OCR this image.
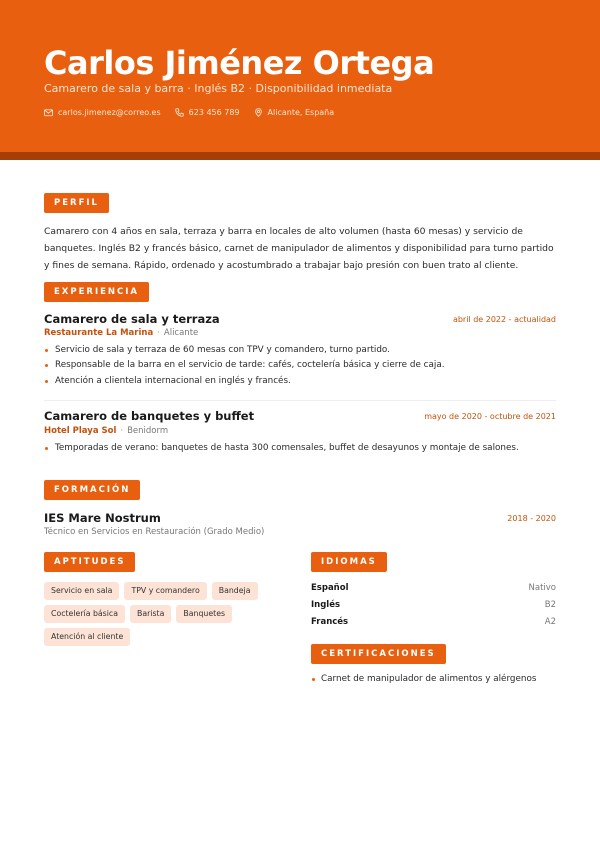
Carlos Jiménez Ortega
Camarero de sala y barra · Inglés B2 · Disponibilidad inmediata
carlos.jimenez@correo.es	623 456 789	Alicante, España
PERFIL
Camarero con 4 años en sala, terraza y barra en locales de alto volumen (hasta 60 mesas) y servicio de banquetes. Inglés B2 y francés básico, carnet de manipulador de alimentos y disponibilidad para turno partido y fines de semana. Rápido, ordenado y acostumbrado a trabajar bajo presión con buen trato al cliente.
EXPERIENCIA
Camarero de sala y terraza	abril de 2022 - actualidad
Restaurante La Marina · Alicante
Servicio de sala y terraza de 60 mesas con TPV y comandero, turno partido.
Responsable de la barra en el servicio de tarde: cafés, coctelería básica y cierre de caja.
Atención a clientela internacional en inglés y francés.
Camarero de banquetes y buffet	mayo de 2020 - octubre de 2021
Hotel Playa Sol · Benidorm
Temporadas de verano: banquetes de hasta 300 comensales, buffet de desayunos y montaje de salones.
FORMACIÓN
IES Mare Nostrum	2018 - 2020
Técnico en Servicios en Restauración (Grado Medio)
APTITUDES
Servicio en sala	TPV y comandero	Bandeja
Coctelería básica	Barista	Banquetes
Atención al cliente
IDIOMAS
Español	Nativo
Inglés	B2
Francés	A2
CERTIFICACIONES
Carnet de manipulador de alimentos y alérgenos
